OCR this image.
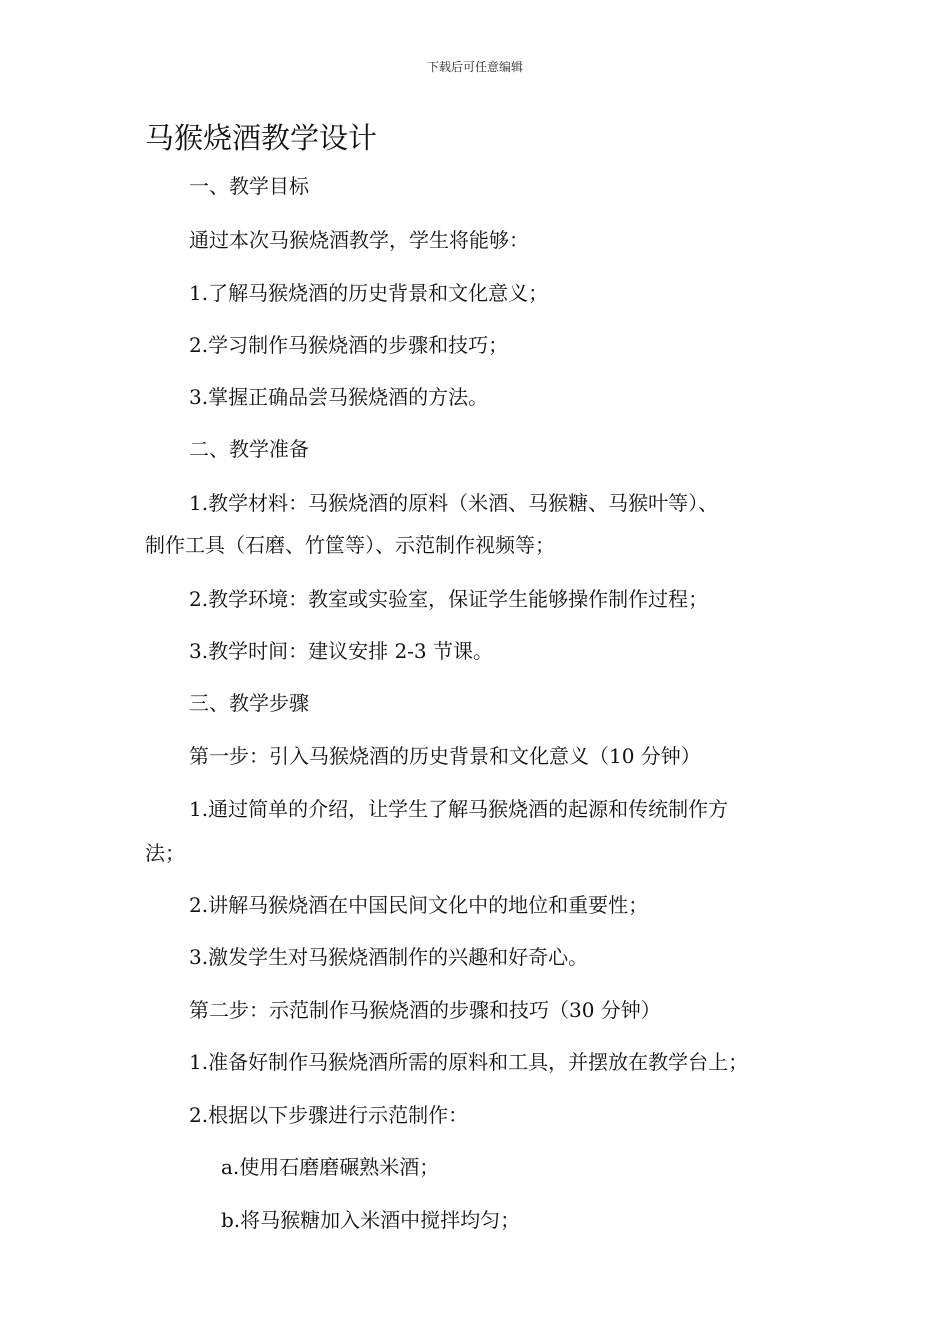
下载后可任意编辑
马猴烧酒教学设计
一、教学目标
通过本次马猴烧酒教学，学生将能够：
1.了解马猴烧酒的历史背景和文化意义；
2.学习制作马猴烧酒的步骤和技巧；
3.掌握正确品尝马猴烧酒的方法。
二、教学准备
1.教学材料：马猴烧酒的原料（米酒、马猴糖、马猴叶等）、
制作工具（石磨、竹筐等）、示范制作视频等；
2.教学环境：教室或实验室，保证学生能够操作制作过程；
3.教学时间：建议安排 2-3 节课。
三、教学步骤
第一步：引入马猴烧酒的历史背景和文化意义（10 分钟）
1.通过简单的介绍，让学生了解马猴烧酒的起源和传统制作方
法；
2.讲解马猴烧酒在中国民间文化中的地位和重要性；
3.激发学生对马猴烧酒制作的兴趣和好奇心。
第二步：示范制作马猴烧酒的步骤和技巧（30 分钟）
1.准备好制作马猴烧酒所需的原料和工具，并摆放在教学台上；
2.根据以下步骤进行示范制作：
a.使用石磨磨碾熟米酒；
b.将马猴糖加入米酒中搅拌均匀；
